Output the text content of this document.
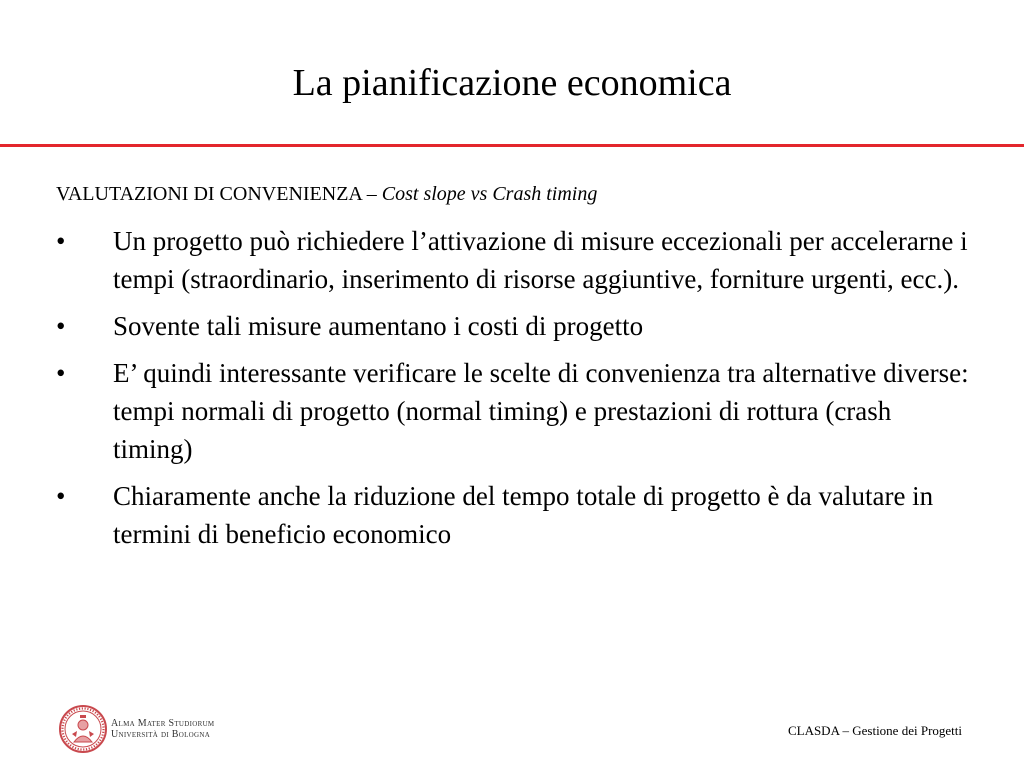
La pianificazione economica
VALUTAZIONI DI CONVENIENZA – Cost slope vs Crash timing
•	Un progetto può richiedere l’attivazione di misure eccezionali per accelerarne i tempi (straordinario, inserimento di risorse aggiuntive, forniture urgenti, ecc.).
•	Sovente tali misure aumentano i costi di progetto
•	E’ quindi interessante verificare le scelte di convenienza tra alternative diverse: tempi normali di progetto (normal timing) e prestazioni di rottura (crash timing)
•	Chiaramente anche la riduzione del tempo totale di progetto è da valutare in termini di beneficio economico
Alma Mater Studiorum
Università di Bologna	CLASDA – Gestione dei Progetti
